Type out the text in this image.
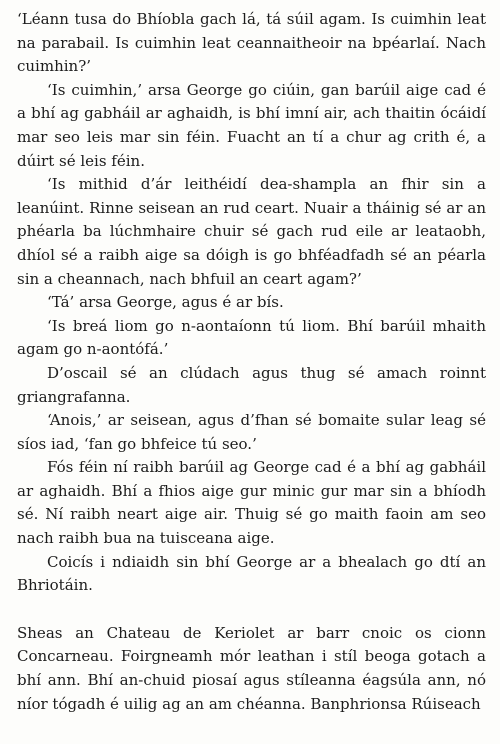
‘Léann tusa do Bhíobla gach lá, tá súil agam. Is cuimhin leat na parabail. Is cuimhin leat ceannaitheoir na bpéarlaí. Nach cuimhin?’

‘Is cuimhin,’ arsa George go ciúin, gan barúil aige cad é a bhí ag gabháil ar aghaidh, is bhí imní air, ach thaitin ócáidí mar seo leis mar sin féin. Fuacht an tí a chur ag crith é, a dúirt sé leis féin.

‘Is mithid d’ár leithéidí dea-shampla an fhir sin a leanúint. Rinne seisean an rud ceart. Nuair a tháinig sé ar an phéarla ba lúchmhaire chuir sé gach rud eile ar leataobh, dhíol sé a raibh aige sa dóigh is go bhféadfadh sé an péarla sin a cheannach, nach bhfuil an ceart agam?’

‘Tá’ arsa George, agus é ar bís.

‘Is breá liom go n-aontaíonn tú liom. Bhí barúil mhaith agam go n-aontófá.’

D’oscail sé an clúdach agus thug sé amach roinnt griangrafanna.

‘Anois,’ ar seisean, agus d’fhan sé bomaite sular leag sé síos iad, ‘fan go bhfeice tú seo.’

Fós féin ní raibh barúil ag George cad é a bhí ag gabháil ar aghaidh. Bhí a fhios aige gur minic gur mar sin a bhíodh sé. Ní raibh neart aige air. Thuig sé go maith faoin am seo nach raibh bua na tuisceana aige.

Coicís i ndiaidh sin bhí George ar a bhealach go dtí an Bhriotáin.

Sheas an Chateau de Keriolet ar barr cnoic os cionn Concarneau. Foirgneamh mór leathan i stíl beoga gotach a bhí ann. Bhí an-chuid piosaí agus stíleanna éagsúla ann, nó níor tógadh é uilig ag an am chéanna. Banphrionsa Rúiseach
